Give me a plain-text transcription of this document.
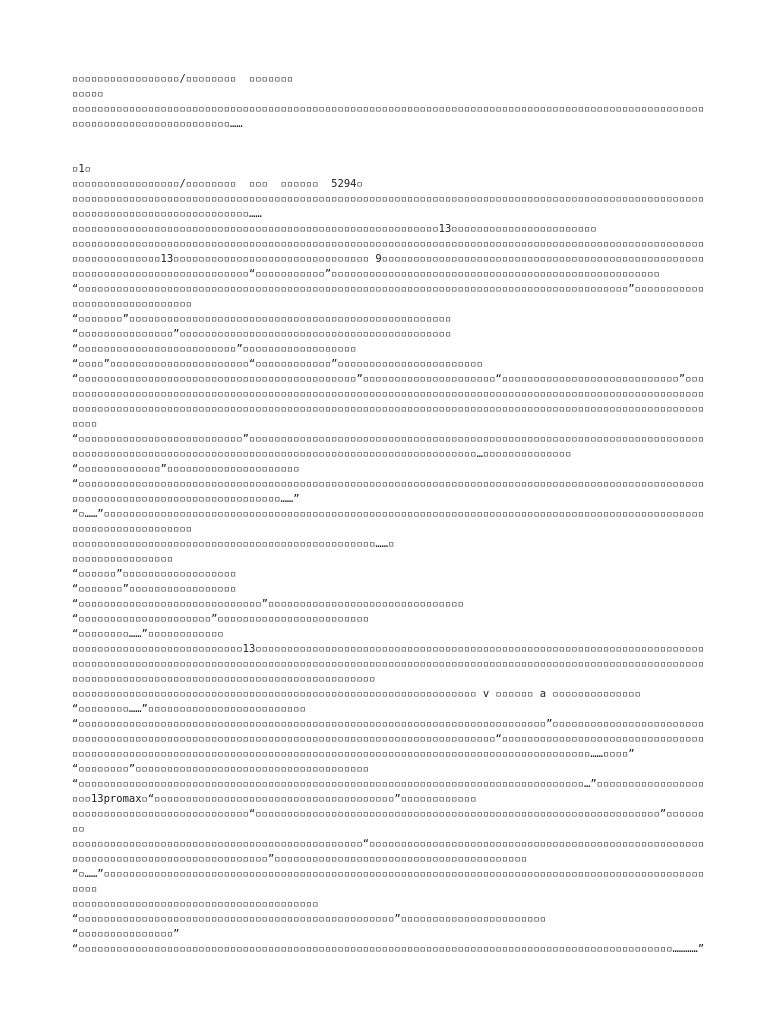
▫▫▫▫▫▫▫▫▫▫▫▫▫▫▫▫▫/▫▫▫▫▫▫▫▫  ▫▫▫▫▫▫▫

▫▫▫▫▫

▫▫▫▫▫▫▫▫▫▫▫▫▫▫▫▫▫▫▫▫▫▫▫▫▫▫▫▫▫▫▫▫▫▫▫▫▫▫▫▫▫▫▫▫▫▫▫▫▫▫▫▫▫▫▫▫▫▫▫▫▫▫▫▫▫▫▫▫▫▫▫▫▫▫▫▫▫▫▫▫▫▫▫▫▫▫▫▫▫▫▫▫▫▫▫▫▫▫▫▫▫▫▫▫▫▫▫▫▫▫▫▫▫▫▫▫▫▫▫▫▫▫▫▫▫……

▫1▫

▫▫▫▫▫▫▫▫▫▫▫▫▫▫▫▫▫/▫▫▫▫▫▫▫▫  ▫▫▫  ▫▫▫▫▫▫  5294▫

▫▫▫▫▫▫▫▫▫▫▫▫▫▫▫▫▫▫▫▫▫▫▫▫▫▫▫▫▫▫▫▫▫▫▫▫▫▫▫▫▫▫▫▫▫▫▫▫▫▫▫▫▫▫▫▫▫▫▫▫▫▫▫▫▫▫▫▫▫▫▫▫▫▫▫▫▫▫▫▫▫▫▫▫▫▫▫▫▫▫▫▫▫▫▫▫▫▫▫▫▫▫▫▫▫▫▫▫▫▫▫▫▫▫▫▫▫▫▫▫▫▫▫▫▫▫▫▫……

▫▫▫▫▫▫▫▫▫▫▫▫▫▫▫▫▫▫▫▫▫▫▫▫▫▫▫▫▫▫▫▫▫▫▫▫▫▫▫▫▫▫▫▫▫▫▫▫▫▫▫▫▫▫▫▫▫▫13▫▫▫▫▫▫▫▫▫▫▫▫▫▫▫▫▫▫▫▫▫▫▫

▫▫▫▫▫▫▫▫▫▫▫▫▫▫▫▫▫▫▫▫▫▫▫▫▫▫▫▫▫▫▫▫▫▫▫▫▫▫▫▫▫▫▫▫▫▫▫▫▫▫▫▫▫▫▫▫▫▫▫▫▫▫▫▫▫▫▫▫▫▫▫▫▫▫▫▫▫▫▫▫▫▫▫▫▫▫▫▫▫▫▫▫▫▫▫▫▫▫▫▫▫▫▫▫▫▫▫▫▫▫▫▫▫▫13▫▫▫▫▫▫▫▫▫▫▫▫▫▫▫▫▫▫▫▫▫▫▫▫▫▫▫▫▫▫▫ 9▫▫▫▫▫▫▫▫▫▫▫▫▫▫▫▫▫▫▫▫▫▫▫▫▫▫▫▫▫▫▫▫▫▫▫▫▫▫▫▫▫▫▫▫▫▫▫▫▫▫▫▫▫▫▫▫▫▫▫▫▫▫▫▫▫▫▫▫▫▫▫▫▫▫▫▫▫▫▫“▫▫▫▫▫▫▫▫▫▫▫”▫▫▫▫▫▫▫▫▫▫▫▫▫▫▫▫▫▫▫▫▫▫▫▫▫▫▫▫▫▫▫▫▫▫▫▫▫▫▫▫▫▫▫▫▫▫▫▫▫▫▫▫

“▫▫▫▫▫▫▫▫▫▫▫▫▫▫▫▫▫▫▫▫▫▫▫▫▫▫▫▫▫▫▫▫▫▫▫▫▫▫▫▫▫▫▫▫▫▫▫▫▫▫▫▫▫▫▫▫▫▫▫▫▫▫▫▫▫▫▫▫▫▫▫▫▫▫▫▫▫▫▫▫▫▫▫▫▫▫▫”▫▫▫▫▫▫▫▫▫▫▫▫▫▫▫▫▫▫▫▫▫▫▫▫▫▫▫▫▫▫

“▫▫▫▫▫▫▫”▫▫▫▫▫▫▫▫▫▫▫▫▫▫▫▫▫▫▫▫▫▫▫▫▫▫▫▫▫▫▫▫▫▫▫▫▫▫▫▫▫▫▫▫▫▫▫▫▫▫▫

“▫▫▫▫▫▫▫▫▫▫▫▫▫▫▫”▫▫▫▫▫▫▫▫▫▫▫▫▫▫▫▫▫▫▫▫▫▫▫▫▫▫▫▫▫▫▫▫▫▫▫▫▫▫▫▫▫▫▫

“▫▫▫▫▫▫▫▫▫▫▫▫▫▫▫▫▫▫▫▫▫▫▫▫▫”▫▫▫▫▫▫▫▫▫▫▫▫▫▫▫▫▫▫

“▫▫▫▫”▫▫▫▫▫▫▫▫▫▫▫▫▫▫▫▫▫▫▫▫▫▫“▫▫▫▫▫▫▫▫▫▫▫▫”▫▫▫▫▫▫▫▫▫▫▫▫▫▫▫▫▫▫▫▫▫▫▫

“▫▫▫▫▫▫▫▫▫▫▫▫▫▫▫▫▫▫▫▫▫▫▫▫▫▫▫▫▫▫▫▫▫▫▫▫▫▫▫▫▫▫▫▫”▫▫▫▫▫▫▫▫▫▫▫▫▫▫▫▫▫▫▫▫▫“▫▫▫▫▫▫▫▫▫▫▫▫▫▫▫▫▫▫▫▫▫▫▫▫▫▫▫▫”▫▫▫▫▫▫▫▫▫▫▫▫▫▫▫▫▫▫▫▫▫▫▫▫▫▫▫▫▫▫▫▫▫▫▫▫▫▫▫▫▫▫▫▫▫▫▫▫▫▫▫▫▫▫▫▫▫▫▫▫▫▫▫▫▫▫▫▫▫▫▫▫▫▫▫▫▫▫▫▫▫▫▫▫▫▫▫▫▫▫▫▫▫▫▫▫▫▫▫▫▫▫▫▫▫▫▫▫▫▫▫▫▫▫▫▫▫▫▫▫▫▫▫▫▫▫▫▫▫▫▫▫▫▫▫▫▫▫▫▫▫▫▫▫▫▫▫▫▫▫▫▫▫▫▫▫▫▫▫▫▫▫▫▫▫▫▫▫▫▫▫▫▫▫▫▫▫▫▫▫▫▫▫▫▫▫▫▫▫▫▫▫▫▫▫▫▫▫▫▫▫▫▫▫▫▫▫

“▫▫▫▫▫▫▫▫▫▫▫▫▫▫▫▫▫▫▫▫▫▫▫▫▫▫”▫▫▫▫▫▫▫▫▫▫▫▫▫▫▫▫▫▫▫▫▫▫▫▫▫▫▫▫▫▫▫▫▫▫▫▫▫▫▫▫▫▫▫▫▫▫▫▫▫▫▫▫▫▫▫▫▫▫▫▫▫▫▫▫▫▫▫▫▫▫▫▫▫▫▫▫▫▫▫▫▫▫▫▫▫▫▫▫▫▫▫▫▫▫▫▫▫▫▫▫▫▫▫▫▫▫▫▫▫▫▫▫▫▫▫▫▫▫▫▫▫▫▫▫▫▫▫▫▫▫▫▫▫▫▫▫…▫▫▫▫▫▫▫▫▫▫▫▫▫▫

“▫▫▫▫▫▫▫▫▫▫▫▫▫”▫▫▫▫▫▫▫▫▫▫▫▫▫▫▫▫▫▫▫▫▫

“▫▫▫▫▫▫▫▫▫▫▫▫▫▫▫▫▫▫▫▫▫▫▫▫▫▫▫▫▫▫▫▫▫▫▫▫▫▫▫▫▫▫▫▫▫▫▫▫▫▫▫▫▫▫▫▫▫▫▫▫▫▫▫▫▫▫▫▫▫▫▫▫▫▫▫▫▫▫▫▫▫▫▫▫▫▫▫▫▫▫▫▫▫▫▫▫▫▫▫▫▫▫▫▫▫▫▫▫▫▫▫▫▫▫▫▫▫▫▫▫▫▫▫▫▫▫▫▫▫▫▫▫……”

“▫……”▫▫▫▫▫▫▫▫▫▫▫▫▫▫▫▫▫▫▫▫▫▫▫▫▫▫▫▫▫▫▫▫▫▫▫▫▫▫▫▫▫▫▫▫▫▫▫▫▫▫▫▫▫▫▫▫▫▫▫▫▫▫▫▫▫▫▫▫▫▫▫▫▫▫▫▫▫▫▫▫▫▫▫▫▫▫▫▫▫▫▫▫▫▫▫▫▫▫▫▫▫▫▫▫▫▫▫▫▫▫▫▫▫▫

▫▫▫▫▫▫▫▫▫▫▫▫▫▫▫▫▫▫▫▫▫▫▫▫▫▫▫▫▫▫▫▫▫▫▫▫▫▫▫▫▫▫▫▫▫▫▫▫……▫

▫▫▫▫▫▫▫▫▫▫▫▫▫▫▫▫

“▫▫▫▫▫▫”▫▫▫▫▫▫▫▫▫▫▫▫▫▫▫▫▫▫

“▫▫▫▫▫▫▫”▫▫▫▫▫▫▫▫▫▫▫▫▫▫▫▫▫

“▫▫▫▫▫▫▫▫▫▫▫▫▫▫▫▫▫▫▫▫▫▫▫▫▫▫▫▫▫”▫▫▫▫▫▫▫▫▫▫▫▫▫▫▫▫▫▫▫▫▫▫▫▫▫▫▫▫▫▫▫

“▫▫▫▫▫▫▫▫▫▫▫▫▫▫▫▫▫▫▫▫▫”▫▫▫▫▫▫▫▫▫▫▫▫▫▫▫▫▫▫▫▫▫▫▫▫

“▫▫▫▫▫▫▫▫……”▫▫▫▫▫▫▫▫▫▫▫▫

▫▫▫▫▫▫▫▫▫▫▫▫▫▫▫▫▫▫▫▫▫▫▫▫▫▫▫13▫▫▫▫▫▫▫▫▫▫▫▫▫▫▫▫▫▫▫▫▫▫▫▫▫▫▫▫▫▫▫▫▫▫▫▫▫▫▫▫▫▫▫▫▫▫▫▫▫▫▫▫▫▫▫▫▫▫▫▫▫▫▫▫▫▫▫▫▫▫▫▫▫▫▫▫▫▫▫▫▫▫▫▫▫▫▫▫▫▫▫▫▫▫▫▫▫▫▫▫▫▫▫▫▫▫▫▫▫▫▫▫▫▫▫▫▫▫▫▫▫▫▫▫▫▫▫▫▫▫▫▫▫▫▫▫▫▫▫▫▫▫▫▫▫▫▫▫▫▫▫▫▫▫▫▫▫▫▫▫▫▫▫▫▫▫▫▫▫▫▫▫▫▫▫▫▫▫▫▫▫▫▫▫▫▫▫▫▫▫▫▫▫▫▫▫▫▫▫▫▫▫▫▫▫▫▫▫▫▫▫▫▫▫▫▫▫▫▫

▫▫▫▫▫▫▫▫▫▫▫▫▫▫▫▫▫▫▫▫▫▫▫▫▫▫▫▫▫▫▫▫▫▫▫▫▫▫▫▫▫▫▫▫▫▫▫▫▫▫▫▫▫▫▫▫▫▫▫▫▫▫▫▫ v ▫▫▫▫▫▫ a ▫▫▫▫▫▫▫▫▫▫▫▫▫▫

“▫▫▫▫▫▫▫▫……”▫▫▫▫▫▫▫▫▫▫▫▫▫▫▫▫▫▫▫▫▫▫▫▫▫

“▫▫▫▫▫▫▫▫▫▫▫▫▫▫▫▫▫▫▫▫▫▫▫▫▫▫▫▫▫▫▫▫▫▫▫▫▫▫▫▫▫▫▫▫▫▫▫▫▫▫▫▫▫▫▫▫▫▫▫▫▫▫▫▫▫▫▫▫▫▫▫▫▫▫”▫▫▫▫▫▫▫▫▫▫▫▫▫▫▫▫▫▫▫▫▫▫▫▫▫▫▫▫▫▫▫▫▫▫▫▫▫▫▫▫▫▫▫▫▫▫▫▫▫▫▫▫▫▫▫▫▫▫▫▫▫▫▫▫▫▫▫▫▫▫▫▫▫▫▫▫▫▫▫▫▫▫▫▫▫▫▫▫▫▫▫“▫▫▫▫▫▫▫▫▫▫▫▫▫▫▫▫▫▫▫▫▫▫▫▫▫▫▫▫▫▫▫▫▫▫▫▫▫▫▫▫▫▫▫▫▫▫▫▫▫▫▫▫▫▫▫▫▫▫▫▫▫▫▫▫▫▫▫▫▫▫▫▫▫▫▫▫▫▫▫▫▫▫▫▫▫▫▫▫▫▫▫▫▫▫▫▫▫▫▫▫▫▫▫▫▫▫▫▫▫▫▫▫▫▫……▫▫▫▫”

“▫▫▫▫▫▫▫▫”▫▫▫▫▫▫▫▫▫▫▫▫▫▫▫▫▫▫▫▫▫▫▫▫▫▫▫▫▫▫▫▫▫▫▫▫▫

“▫▫▫▫▫▫▫▫▫▫▫▫▫▫▫▫▫▫▫▫▫▫▫▫▫▫▫▫▫▫▫▫▫▫▫▫▫▫▫▫▫▫▫▫▫▫▫▫▫▫▫▫▫▫▫▫▫▫▫▫▫▫▫▫▫▫▫▫▫▫▫▫▫▫▫▫▫▫▫▫…”▫▫▫▫▫▫▫▫▫▫▫▫▫▫▫▫▫▫▫▫13promax▫“▫▫▫▫▫▫▫▫▫▫▫▫▫▫▫▫▫▫▫▫▫▫▫▫▫▫▫▫▫▫▫▫▫▫▫▫▫▫”▫▫▫▫▫▫▫▫▫▫▫▫

▫▫▫▫▫▫▫▫▫▫▫▫▫▫▫▫▫▫▫▫▫▫▫▫▫▫▫▫“▫▫▫▫▫▫▫▫▫▫▫▫▫▫▫▫▫▫▫▫▫▫▫▫▫▫▫▫▫▫▫▫▫▫▫▫▫▫▫▫▫▫▫▫▫▫▫▫▫▫▫▫▫▫▫▫▫▫▫▫▫▫▫▫”▫▫▫▫▫▫▫▫

▫▫▫▫▫▫▫▫▫▫▫▫▫▫▫▫▫▫▫▫▫▫▫▫▫▫▫▫▫▫▫▫▫▫▫▫▫▫▫▫▫▫▫▫▫▫“▫▫▫▫▫▫▫▫▫▫▫▫▫▫▫▫▫▫▫▫▫▫▫▫▫▫▫▫▫▫▫▫▫▫▫▫▫▫▫▫▫▫▫▫▫▫▫▫▫▫▫▫▫▫▫▫▫▫▫▫▫▫▫▫▫▫▫▫▫▫▫▫▫▫▫▫▫▫▫▫▫▫▫▫”▫▫▫▫▫▫▫▫▫▫▫▫▫▫▫▫▫▫▫▫▫▫▫▫▫▫▫▫▫▫▫▫▫▫▫▫▫▫▫▫

“▫……”▫▫▫▫▫▫▫▫▫▫▫▫▫▫▫▫▫▫▫▫▫▫▫▫▫▫▫▫▫▫▫▫▫▫▫▫▫▫▫▫▫▫▫▫▫▫▫▫▫▫▫▫▫▫▫▫▫▫▫▫▫▫▫▫▫▫▫▫▫▫▫▫▫▫▫▫▫▫▫▫▫▫▫▫▫▫▫▫▫▫▫▫▫▫▫▫▫▫▫

▫▫▫▫▫▫▫▫▫▫▫▫▫▫▫▫▫▫▫▫▫▫▫▫▫▫▫▫▫▫▫▫▫▫▫▫▫▫▫

“▫▫▫▫▫▫▫▫▫▫▫▫▫▫▫▫▫▫▫▫▫▫▫▫▫▫▫▫▫▫▫▫▫▫▫▫▫▫▫▫▫▫▫▫▫▫▫▫▫▫”▫▫▫▫▫▫▫▫▫▫▫▫▫▫▫▫▫▫▫▫▫▫▫

“▫▫▫▫▫▫▫▫▫▫▫▫▫▫▫”

“▫▫▫▫▫▫▫▫▫▫▫▫▫▫▫▫▫▫▫▫▫▫▫▫▫▫▫▫▫▫▫▫▫▫▫▫▫▫▫▫▫▫▫▫▫▫▫▫▫▫▫▫▫▫▫▫▫▫▫▫▫▫▫▫▫▫▫▫▫▫▫▫▫▫▫▫▫▫▫▫▫▫▫▫▫▫▫▫▫▫▫▫▫▫…………”
